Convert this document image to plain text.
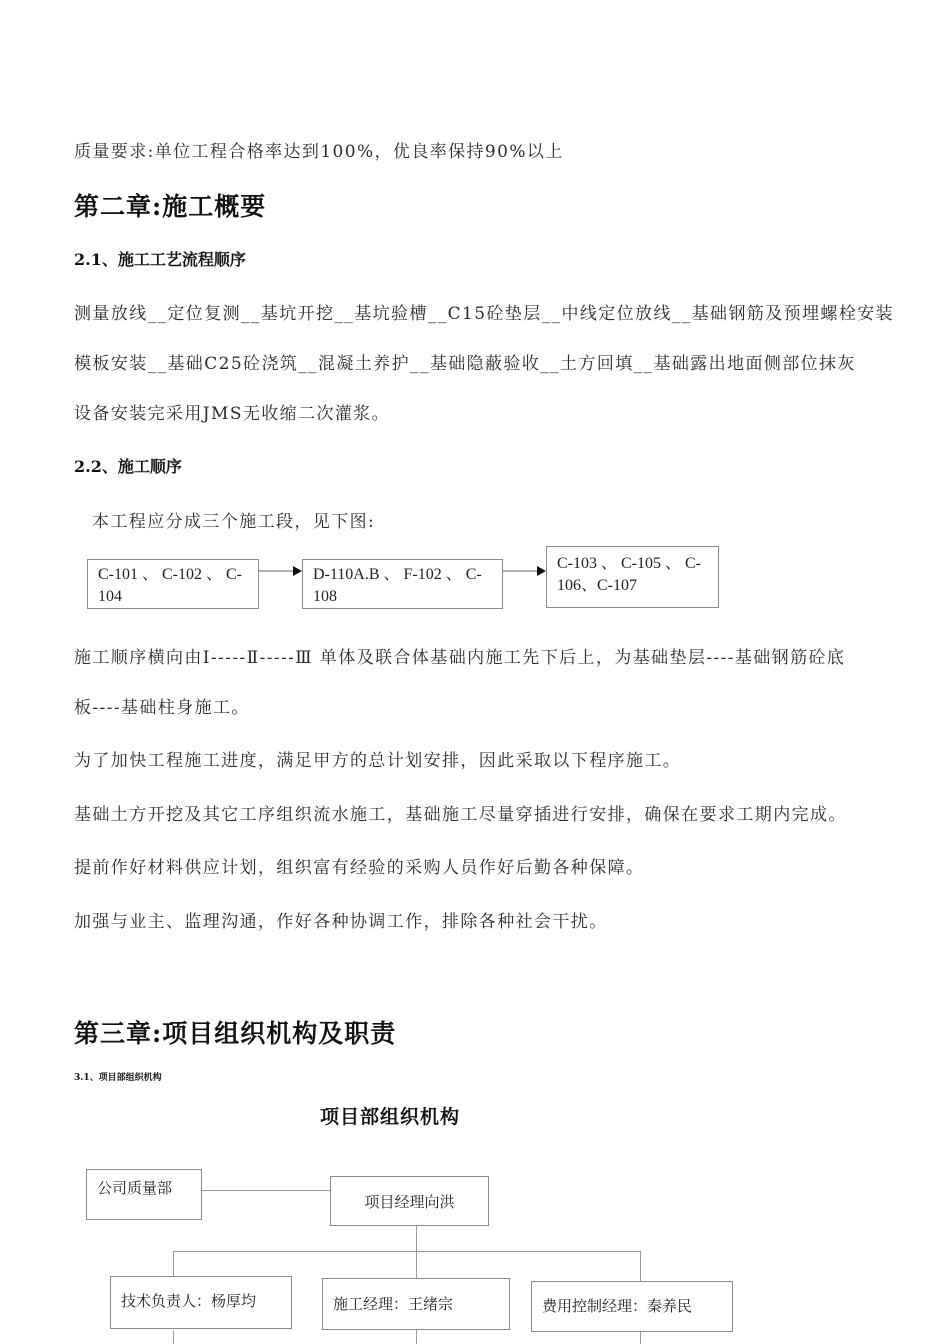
质量要求:单位工程合格率达到100%，优良率保持90%以上
第二章:施工概要
2.1、施工工艺流程顺序
测量放线__定位复测__基坑开挖__基坑验槽__C15砼垫层__中线定位放线__基础钢筋及预埋螺栓安装
模板安装__基础C25砼浇筑__混凝土养护__基础隐蔽验收__土方回填__基础露出地面侧部位抹灰
设备安装完采用JMS无收缩二次灌浆。
2.2、施工顺序
本工程应分成三个施工段，见下图:
C-101 、 C-102 、 C-
104
D-110A.B 、 F-102 、 C-
108
C-103 、 C-105 、 C-
106、C-107
施工顺序横向由Ⅰ-----Ⅱ-----Ⅲ 单体及联合体基础内施工先下后上，为基础垫层----基础钢筋砼底
板----基础柱身施工。
为了加快工程施工进度，满足甲方的总计划安排，因此采取以下程序施工。
基础土方开挖及其它工序组织流水施工，基础施工尽量穿插进行安排，确保在要求工期内完成。
提前作好材料供应计划，组织富有经验的采购人员作好后勤各种保障。
加强与业主、监理沟通，作好各种协调工作，排除各种社会干扰。
第三章:项目组织机构及职责
3.1、项目部组织机构
项目部组织机构
公司质量部
项目经理向洪
技术负责人：杨厚均	施工经理：王绪宗	费用控制经理：秦养民
